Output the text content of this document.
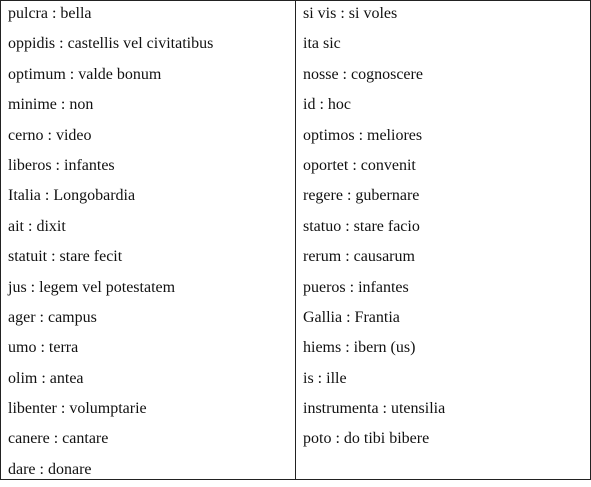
pulcra : bella
oppidis : castellis vel civitatibus
optimum : valde bonum
minime : non
cerno : video
liberos : infantes
Italia : Longobardia
ait : dixit
statuit : stare fecit
jus : legem vel potestatem
ager : campus
umo : terra
olim : antea
libenter : volumptarie
canere : cantare
dare : donare
si vis : si voles
ita sic
nosse : cognoscere
id : hoc
optimos : meliores
oportet : convenit
regere : gubernare
statuo : stare facio
rerum : causarum
pueros : infantes
Gallia : Frantia
hiems : ibern (us)
is : ille
instrumenta : utensilia
poto : do tibi bibere
